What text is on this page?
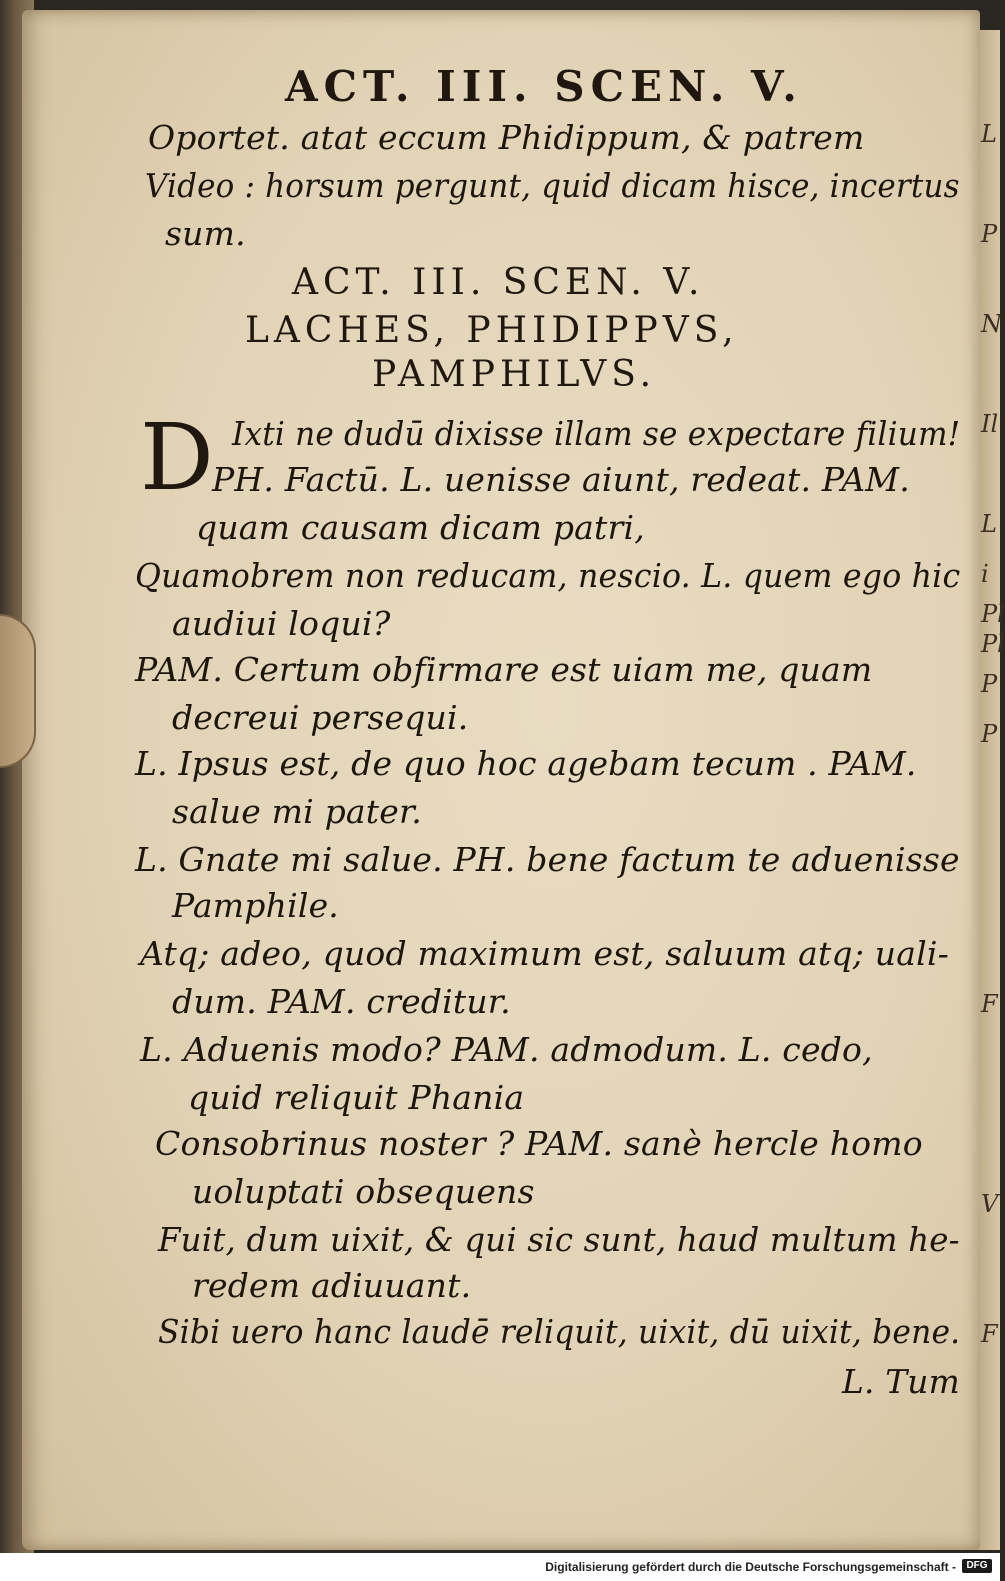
L
P
N
Il
L
i
Pl
Pl
P
P
F
V
F
ACT. III. SCEN. V.
Oportet. atat eccum Phidippum, & patrem
Video : horsum pergunt, quid dicam hisce, incertus
sum.
ACT. III. SCEN. V.
LACHES, PHIDIPPVS,
PAMPHILVS.
D Ixti ne dudū dixisse illam se expectare filium!
PH. Factū. L. uenisse aiunt, redeat. PAM.
quam causam dicam patri,
Quamobrem non reducam, nescio. L. quem ego hic
audiui loqui?
PAM. Certum obfirmare est uiam me, quam
decreui persequi.
L. Ipsus est, de quo hoc agebam tecum . PAM.
salue mi pater.
L. Gnate mi salue. PH. bene factum te aduenisse
Pamphile.
Atq; adeo, quod maximum est, saluum atq; uali-
dum. PAM. creditur.
L. Aduenis modo? PAM. admodum. L. cedo,
quid reliquit Phania
Consobrinus noster ? PAM. sanè hercle homo
uoluptati obsequens
Fuit, dum uixit, & qui sic sunt, haud multum he-
redem adiuuant.
Sibi uero hanc laudē reliquit, uixit, dū uixit, bene.
L. Tum
Digitalisierung gefördert durch die Deutsche Forschungsgemeinschaft -	DFG
